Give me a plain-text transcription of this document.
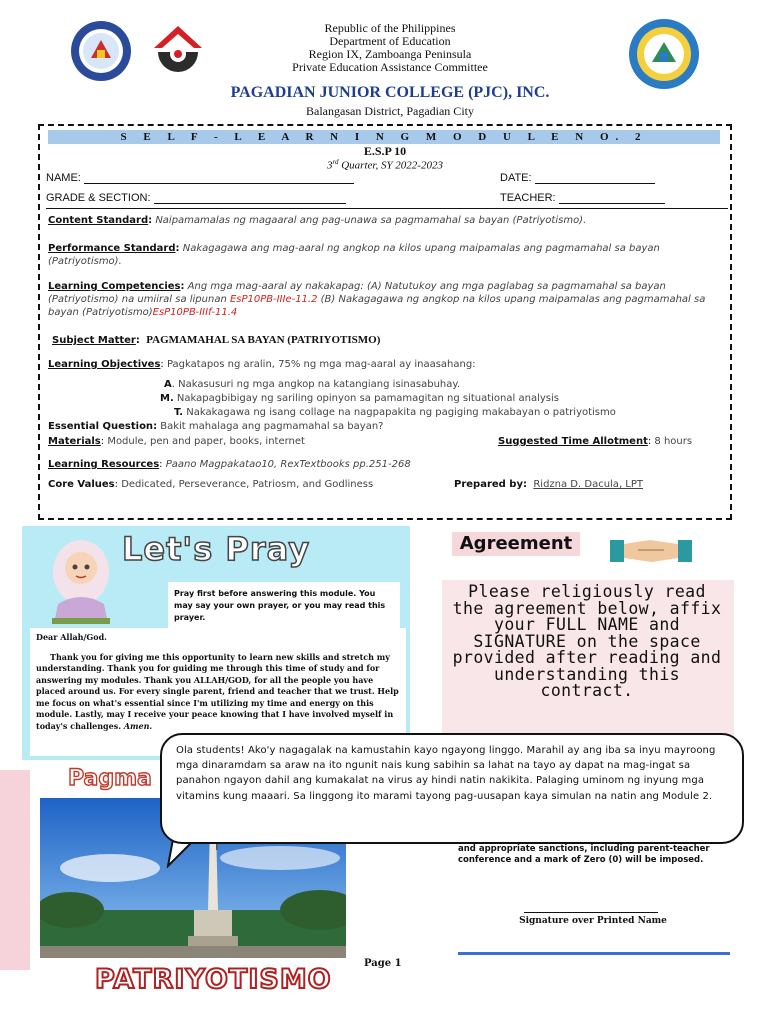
Republic of the Philippines
Department of Education
Region IX, Zamboanga Peninsula
Private Education Assistance Committee
PAGADIAN JUNIOR COLLEGE (PJC), INC.
Balangasan District, Pagadian City
S E L F - L E A R N I N G M O D U L E N O. 2
E.S.P 10
3rd Quarter, SY 2022-2023
NAME:	DATE:
GRADE & SECTION:	TEACHER:
Content Standard: Naipamamalas ng magaaral ang pag-unawa sa pagmamahal sa bayan (Patriyotismo).
Performance Standard: Nakagagawa ang mag-aaral ng angkop na kilos upang maipamalas ang pagmamahal sa bayan (Patriyotismo).
Learning Competencies: Ang mga mag-aaral ay nakakapag: (A) Natutukoy ang mga paglabag sa pagmamahal sa bayan (Patriyotismo) na umiiral sa lipunan EsP10PB-IIIe-11.2 (B) Nakagagawa ng angkop na kilos upang maipamalas ang pagmamahal sa bayan (Patriyotismo)EsP10PB-IIIf-11.4
Subject Matter: PAGMAMAHAL SA BAYAN (PATRIYOTISMO)
Learning Objectives: Pagkatapos ng aralin, 75% ng mga mag-aaral ay inaasahang:
A. Nakasusuri ng mga angkop na katangiang isinasabuhay.
M. Nakapagbibigay ng sariling opinyon sa pamamagitan ng situational analysis
T. Nakakagawa ng isang collage na nagpapakita ng pagiging makabayan o patriyotismo
Essential Question: Bakit mahalaga ang pagmamahal sa bayan?
Materials: Module, pen and paper, books, internet	Suggested Time Allotment: 8 hours
Learning Resources: Paano Magpakatao10, RexTextbooks pp.251-268
Core Values: Dedicated, Perseverance, Patriosm, and Godliness	Prepared by: Ridzna D. Dacula, LPT
Let's Pray
Pray first before answering this module. You may say your own prayer, or you may read this prayer.
Dear Allah/God.
Thank you for giving me this opportunity to learn new skills and stretch my understanding. Thank you for guiding me through this time of study and for answering my modules. Thank you ALLAH/GOD, for all the people you have placed around us. For every single parent, friend and teacher that we trust. Help me focus on what's essential since I'm utilizing my time and energy on this module. Lastly, may I receive your peace knowing that I have involved myself in today's challenges. Amen.
Agreement
Please religiously read the agreement below, affix your FULL NAME and SIGNATURE on the space provided after reading and understanding this contract.
and appropriate sanctions, including parent-teacher conference and a mark of Zero (0) will be imposed.
Signature over Printed Name
Pagma
PATRIYOTISMO
Page 1
Ola students! Ako'y nagagalak na kamustahin kayo ngayong linggo. Marahil ay ang iba sa inyu mayroong mga dinaramdam sa araw na ito ngunit nais kung sabihin sa lahat na tayo ay dapat na mag-ingat sa panahon ngayon dahil ang kumakalat na virus ay hindi natin nakikita. Palaging uminom ng inyung mga vitamins kung maaari. Sa linggong ito marami tayong pag-uusapan kaya simulan na natin ang Module 2.
